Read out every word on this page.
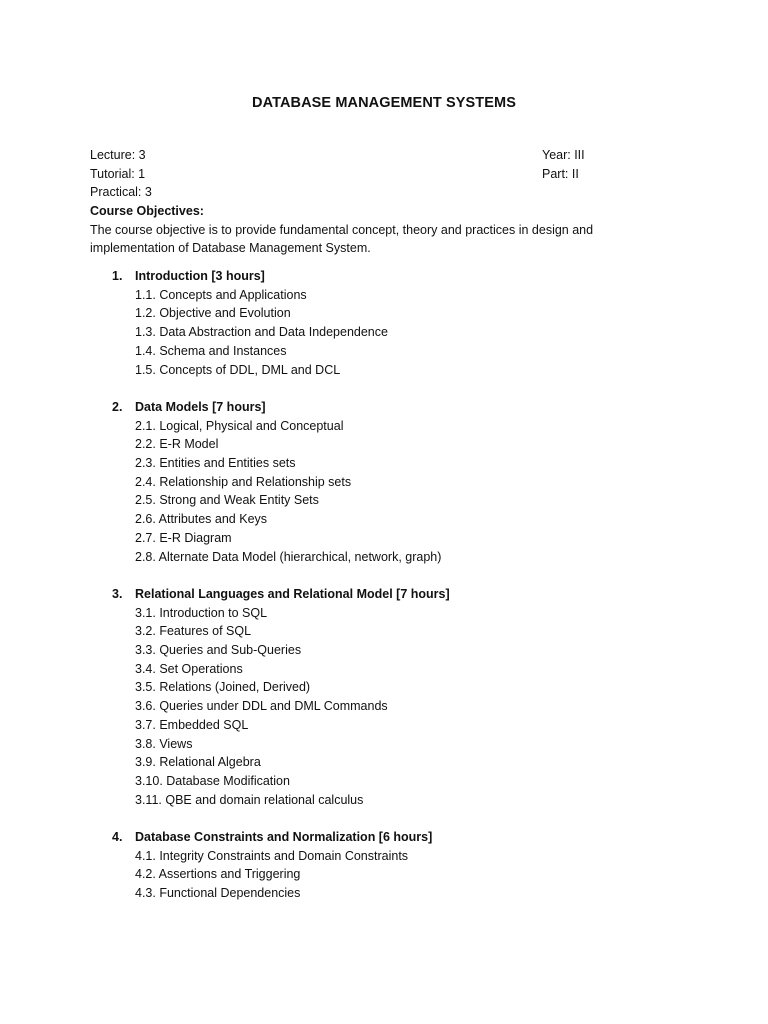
DATABASE MANAGEMENT SYSTEMS
Lecture: 3	Year: III
Tutorial: 1	Part: II
Practical: 3
Course Objectives:
The course objective is to provide fundamental concept, theory and practices in design and
implementation of Database Management System.
1. Introduction [3 hours]
1.1. Concepts and Applications
1.2. Objective and Evolution
1.3. Data Abstraction and Data Independence
1.4. Schema and Instances
1.5. Concepts of DDL, DML and DCL
2. Data Models [7 hours]
2.1. Logical, Physical and Conceptual
2.2. E-R Model
2.3. Entities and Entities sets
2.4. Relationship and Relationship sets
2.5. Strong and Weak Entity Sets
2.6. Attributes and Keys
2.7. E-R Diagram
2.8. Alternate Data Model (hierarchical, network, graph)
3. Relational Languages and Relational Model [7 hours]
3.1. Introduction to SQL
3.2. Features of SQL
3.3. Queries and Sub-Queries
3.4. Set Operations
3.5. Relations (Joined, Derived)
3.6. Queries under DDL and DML Commands
3.7. Embedded SQL
3.8. Views
3.9. Relational Algebra
3.10. Database Modification
3.11. QBE and domain relational calculus
4. Database Constraints and Normalization [6 hours]
4.1. Integrity Constraints and Domain Constraints
4.2. Assertions and Triggering
4.3. Functional Dependencies
